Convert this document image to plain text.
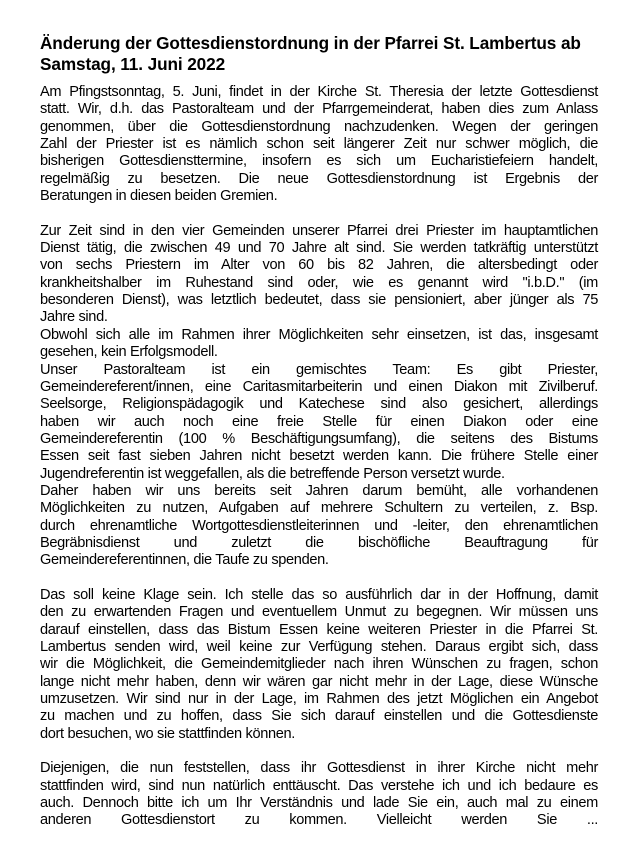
Änderung der Gottesdienstordnung in der Pfarrei St. Lambertus ab
Samstag, 11. Juni 2022

Am Pfingstsonntag, 5. Juni, findet in der Kirche St. Theresia der letzte Gottesdienst
statt. Wir, d.h. das Pastoralteam und der Pfarrgemeinderat, haben dies zum Anlass
genommen, über die Gottesdienstordnung nachzudenken. Wegen der geringen
Zahl der Priester ist es nämlich schon seit längerer Zeit nur schwer möglich, die
bisherigen Gottesdiensttermine, insofern es sich um Eucharistiefeiern handelt,
regelmäßig zu besetzen. Die neue Gottesdienstordnung ist Ergebnis der
Beratungen in diesen beiden Gremien.

Zur Zeit sind in den vier Gemeinden unserer Pfarrei drei Priester im hauptamtlichen
Dienst tätig, die zwischen 49 und 70 Jahre alt sind. Sie werden tatkräftig unterstützt
von sechs Priestern im Alter von 60 bis 82 Jahren, die altersbedingt oder
krankheitshalber im Ruhestand sind oder, wie es genannt wird "i.b.D." (im
besonderen Dienst), was letztlich bedeutet, dass sie pensioniert, aber jünger als 75
Jahre sind.

Obwohl sich alle im Rahmen ihrer Möglichkeiten sehr einsetzen, ist das, insgesamt
gesehen, kein Erfolgsmodell.

Unser Pastoralteam ist ein gemischtes Team: Es gibt Priester,
Gemeindereferent/innen, eine Caritasmitarbeiterin und einen Diakon mit Zivilberuf.
Seelsorge, Religionspädagogik und Katechese sind also gesichert, allerdings
haben wir auch noch eine freie Stelle für einen Diakon oder eine
Gemeindereferentin (100 % Beschäftigungsumfang), die seitens des Bistums
Essen seit fast sieben Jahren nicht besetzt werden kann. Die frühere Stelle einer
Jugendreferentin ist weggefallen, als die betreffende Person versetzt wurde.

Daher haben wir uns bereits seit Jahren darum bemüht, alle vorhandenen
Möglichkeiten zu nutzen, Aufgaben auf mehrere Schultern zu verteilen, z. Bsp.
durch ehrenamtliche Wortgottesdienstleiterinnen und -leiter, den ehrenamtlichen
Begräbnisdienst und zuletzt die bischöfliche Beauftragung für
Gemeindereferentinnen, die Taufe zu spenden.

Das soll keine Klage sein. Ich stelle das so ausführlich dar in der Hoffnung, damit
den zu erwartenden Fragen und eventuellem Unmut zu begegnen. Wir müssen uns
darauf einstellen, dass das Bistum Essen keine weiteren Priester in die Pfarrei St.
Lambertus senden wird, weil keine zur Verfügung stehen. Daraus ergibt sich, dass
wir die Möglichkeit, die Gemeindemitglieder nach ihren Wünschen zu fragen, schon
lange nicht mehr haben, denn wir wären gar nicht mehr in der Lage, diese Wünsche
umzusetzen. Wir sind nur in der Lage, im Rahmen des jetzt Möglichen ein Angebot
zu machen und zu hoffen, dass Sie sich darauf einstellen und die Gottesdienste
dort besuchen, wo sie stattfinden können.

Diejenigen, die nun feststellen, dass ihr Gottesdienst in ihrer Kirche nicht mehr
stattfinden wird, sind nun natürlich enttäuscht. Das verstehe ich und ich bedaure es
auch. Dennoch bitte ich um Ihr Verständnis und lade Sie ein, auch mal zu einem
anderen Gottesdienstort zu kommen. Vielleicht werden Sie ...
